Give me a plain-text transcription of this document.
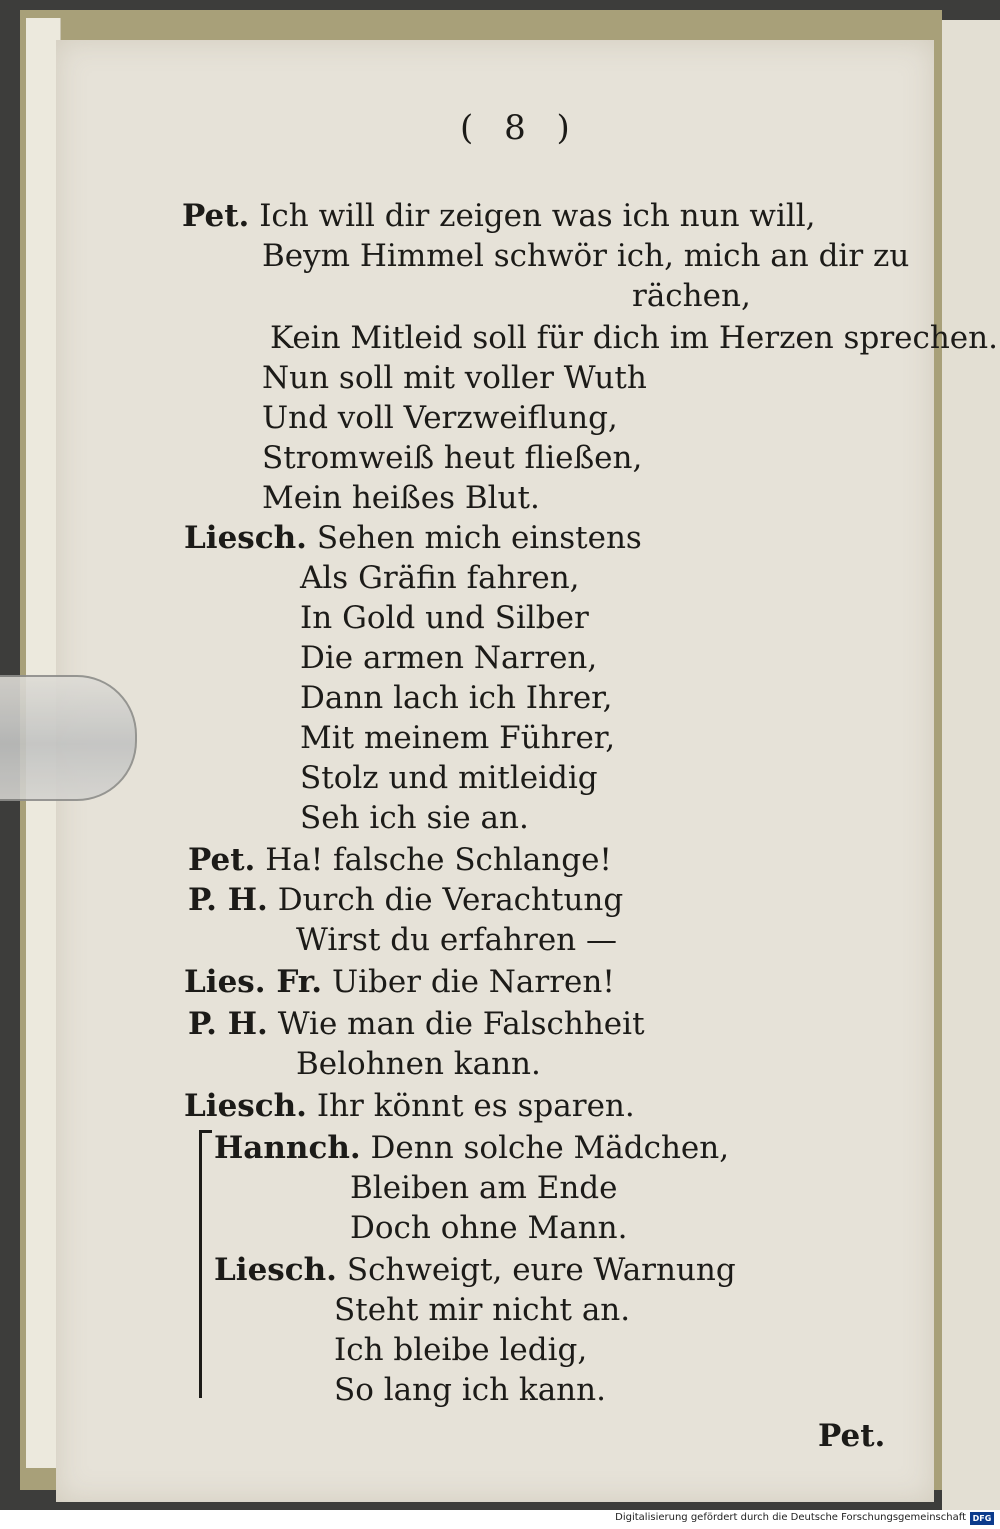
( 8 )
Pet. Ich will dir zeigen was ich nun will,
Beym Himmel schwör ich, mich an dir zu
rächen,
Kein Mitleid soll für dich im Herzen sprechen.
Nun soll mit voller Wuth
Und voll Verzweiflung,
Stromweiß heut fließen,
Mein heißes Blut.
Liesch. Sehen mich einstens
Als Gräfin fahren,
In Gold und Silber
Die armen Narren,
Dann lach ich Ihrer,
Mit meinem Führer,
Stolz und mitleidig
Seh ich sie an.
Pet. Ha! falsche Schlange!
P. H. Durch die Verachtung
Wirst du erfahren —
Lies. Fr. Uiber die Narren!
P. H. Wie man die Falschheit
Belohnen kann.
Liesch. Ihr könnt es sparen.
Hannch. Denn solche Mädchen,
Bleiben am Ende
Doch ohne Mann.
Liesch. Schweigt, eure Warnung
Steht mir nicht an.
Ich bleibe ledig,
So lang ich kann.
Pet.
Digitalisierung gefördert durch die Deutsche Forschungsgemeinschaft DFG
